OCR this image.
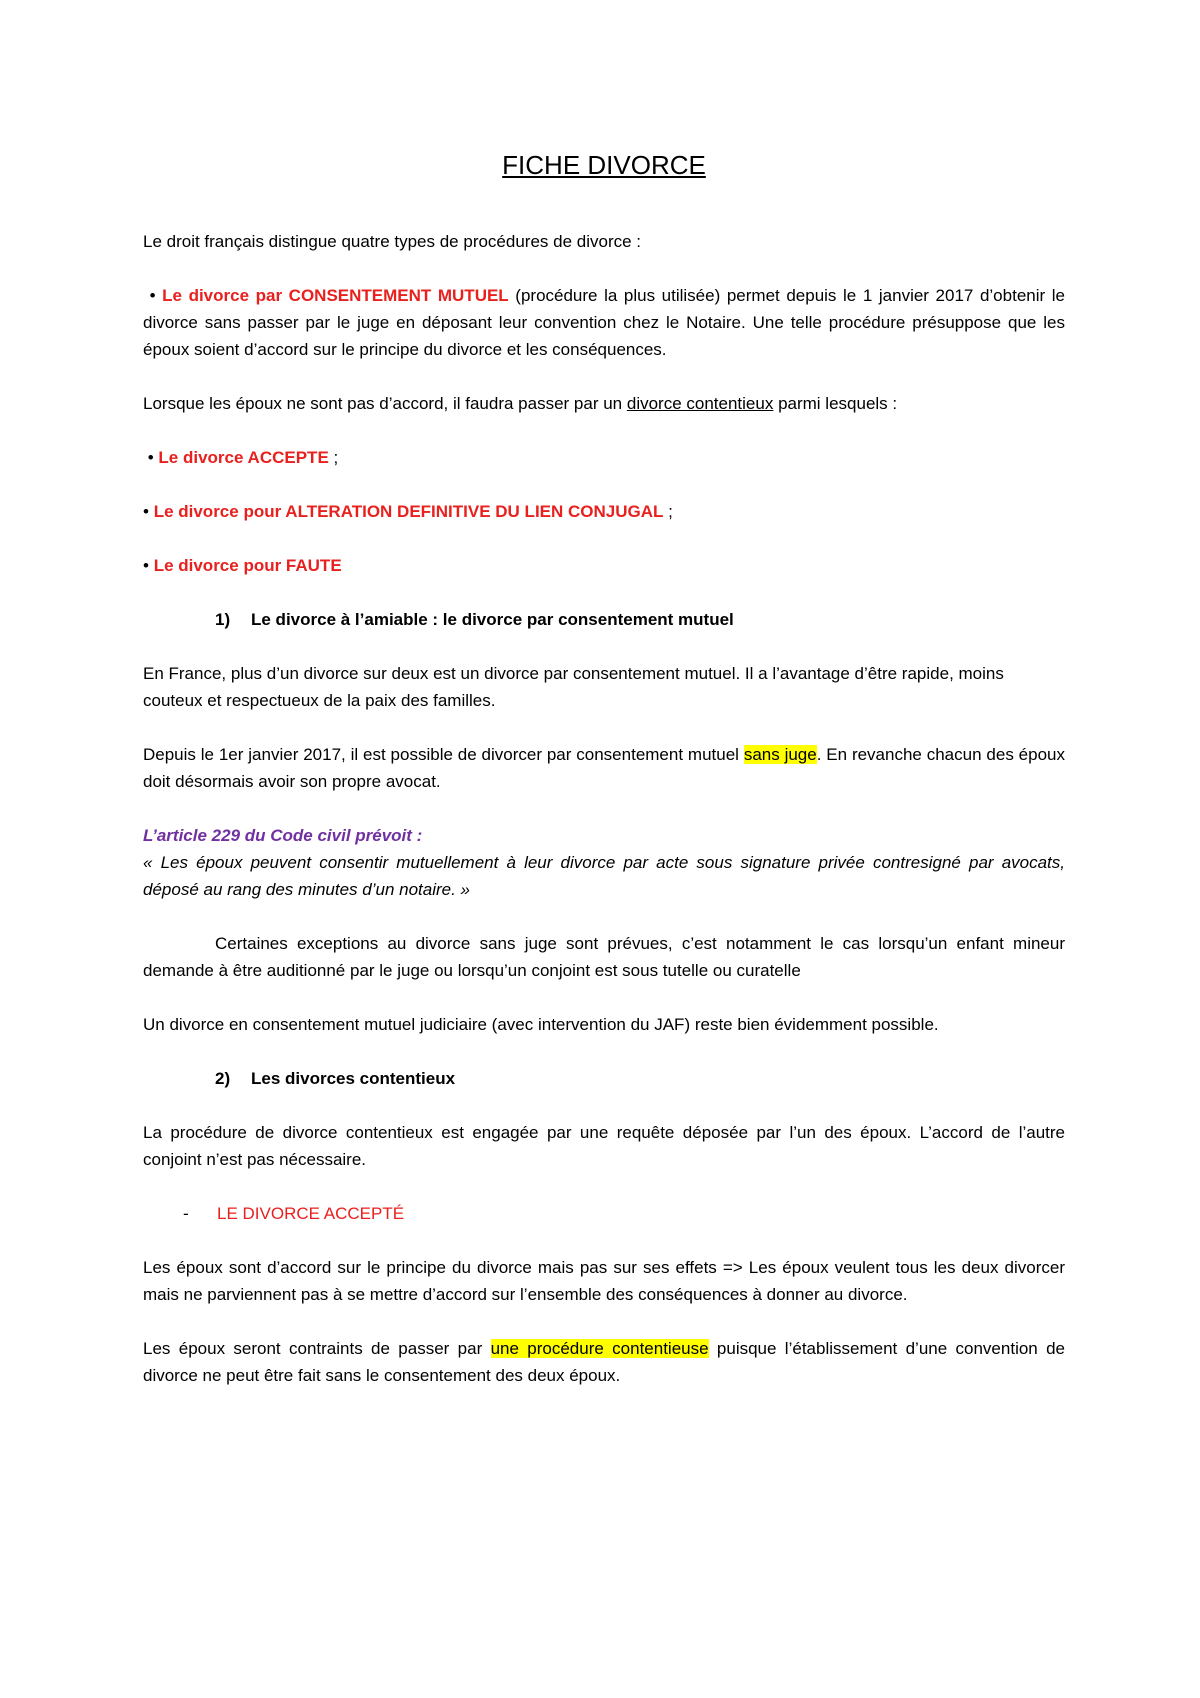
FICHE DIVORCE

Le droit français distingue quatre types de procédures de divorce :

• Le divorce par CONSENTEMENT MUTUEL (procédure la plus utilisée) permet depuis le 1 janvier 2017 d’obtenir le divorce sans passer par le juge en déposant leur convention chez le Notaire. Une telle procédure présuppose que les époux soient d’accord sur le principe du divorce et les conséquences.

Lorsque les époux ne sont pas d’accord, il faudra passer par un divorce contentieux parmi lesquels :

• Le divorce ACCEPTE ;

• Le divorce pour ALTERATION DEFINITIVE DU LIEN CONJUGAL ;

• Le divorce pour FAUTE

1) Le divorce à l’amiable : le divorce par consentement mutuel

En France, plus d’un divorce sur deux est un divorce par consentement mutuel. Il a l’avantage d’être rapide, moins couteux et respectueux de la paix des familles.

Depuis le 1er janvier 2017, il est possible de divorcer par consentement mutuel sans juge. En revanche chacun des époux doit désormais avoir son propre avocat.

L’article 229 du Code civil prévoit :

« Les époux peuvent consentir mutuellement à leur divorce par acte sous signature privée contresigné par avocats, déposé au rang des minutes d’un notaire. »

Certaines exceptions au divorce sans juge sont prévues, c’est notamment le cas lorsqu’un enfant mineur demande à être auditionné par le juge ou lorsqu’un conjoint est sous tutelle ou curatelle

Un divorce en consentement mutuel judiciaire (avec intervention du JAF) reste bien évidemment possible.

2) Les divorces contentieux

La procédure de divorce contentieux est engagée par une requête déposée par l’un des époux. L’accord de l’autre conjoint n’est pas nécessaire.

- LE DIVORCE ACCEPTÉ

Les époux sont d’accord sur le principe du divorce mais pas sur ses effets => Les époux veulent tous les deux divorcer mais ne parviennent pas à se mettre d’accord sur l’ensemble des conséquences à donner au divorce.

Les époux seront contraints de passer par une procédure contentieuse puisque l’établissement d’une convention de divorce ne peut être fait sans le consentement des deux époux.
